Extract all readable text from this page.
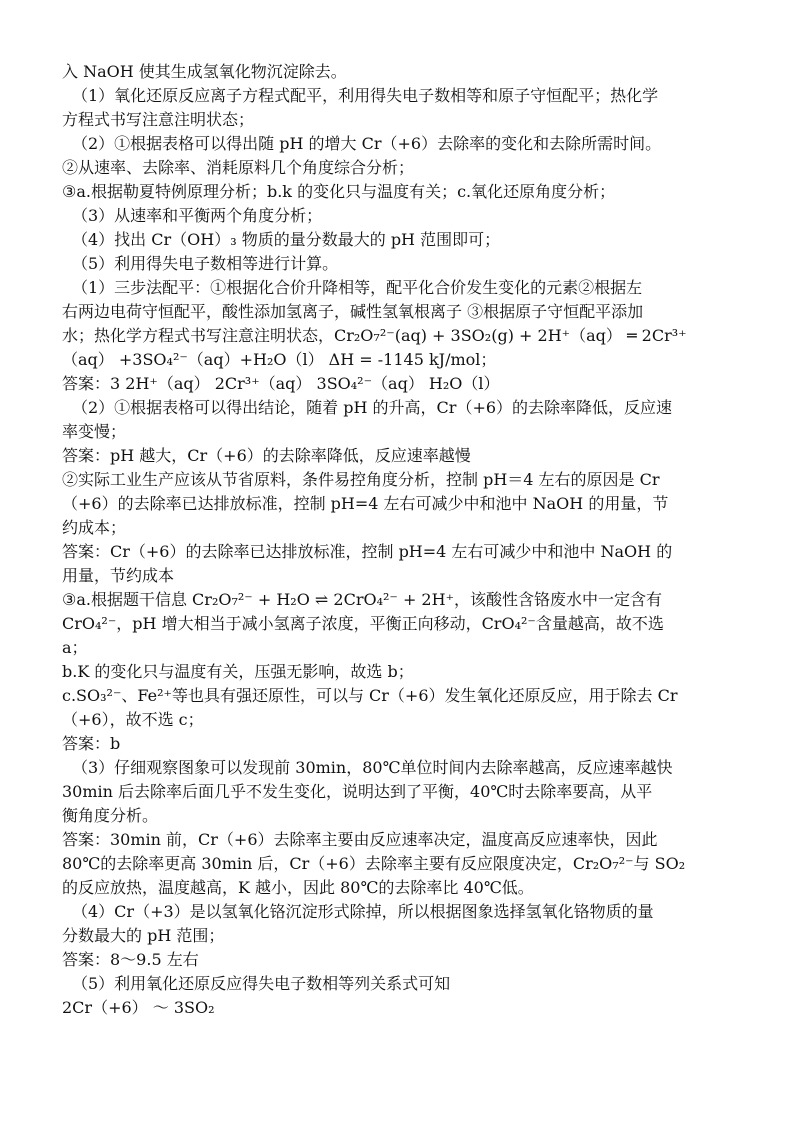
入 NaOH 使其生成氢氧化物沉淀除去。
（1）氧化还原反应离子方程式配平，利用得失电子数相等和原子守恒配平；热化学
方程式书写注意注明状态；
（2）①根据表格可以得出随 pH 的增大 Cr（+6）去除率的变化和去除所需时间。
②从速率、去除率、消耗原料几个角度综合分析；
③a.根据勒夏特例原理分析；b.k 的变化只与温度有关；c.氧化还原角度分析；
（3）从速率和平衡两个角度分析；
（4）找出 Cr（OH）₃ 物质的量分数最大的 pH 范围即可；
（5）利用得失电子数相等进行计算。
（1）三步法配平：①根据化合价升降相等，配平化合价发生变化的元素②根据左
右两边电荷守恒配平，酸性添加氢离子，碱性氢氧根离子 ③根据原子守恒配平添加
水；热化学方程式书写注意注明状态，Cr₂O₇²⁻(aq) + 3SO₂(g) + 2H⁺（aq） ═ 2Cr³⁺
（aq） +3SO₄²⁻（aq）+H₂O（l） ΔH = -1145 kJ/mol；
答案：3 2H⁺（aq） 2Cr³⁺（aq） 3SO₄²⁻（aq） H₂O（l）
（2）①根据表格可以得出结论，随着 pH 的升高，Cr（+6）的去除率降低，反应速
率变慢；
答案：pH 越大，Cr（+6）的去除率降低，反应速率越慢
②实际工业生产应该从节省原料，条件易控角度分析，控制 pH＝4 左右的原因是 Cr
（+6）的去除率已达排放标准，控制 pH=4 左右可减少中和池中 NaOH 的用量，节
约成本；
答案：Cr（+6）的去除率已达排放标准，控制 pH=4 左右可减少中和池中 NaOH 的
用量，节约成本
③a.根据题干信息 Cr₂O₇²⁻ + H₂O ⇌ 2CrO₄²⁻ + 2H⁺，该酸性含铬废水中一定含有
CrO₄²⁻，pH 增大相当于减小氢离子浓度，平衡正向移动，CrO₄²⁻含量越高，故不选
a；
b.K 的变化只与温度有关，压强无影响，故选 b；
c.SO₃²⁻、Fe²⁺等也具有强还原性，可以与 Cr（+6）发生氧化还原反应，用于除去 Cr
（+6），故不选 c；
答案：b
（3）仔细观察图象可以发现前 30min，80℃单位时间内去除率越高，反应速率越快
30min 后去除率后面几乎不发生变化，说明达到了平衡，40℃时去除率要高，从平
衡角度分析。
答案：30min 前，Cr（+6）去除率主要由反应速率决定，温度高反应速率快，因此
80℃的去除率更高 30min 后，Cr（+6）去除率主要有反应限度决定，Cr₂O₇²⁻与 SO₂
的反应放热，温度越高，K 越小，因此 80℃的去除率比 40℃低。
（4）Cr（+3）是以氢氧化铬沉淀形式除掉，所以根据图象选择氢氧化铬物质的量
分数最大的 pH 范围；
答案：8～9.5 左右
（5）利用氧化还原反应得失电子数相等列关系式可知
2Cr（+6） ～ 3SO₂
